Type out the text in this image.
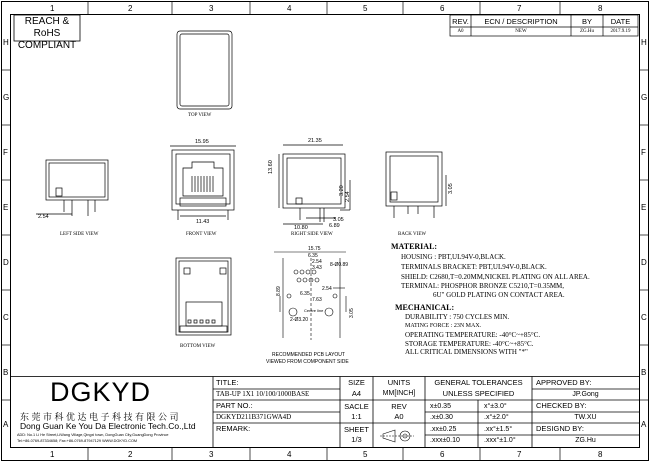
1	2	3	4	5	6	7	8
1	2	3	4	5	6	7	8
H
G
F
E
D
C
B
A
H
G
F
E
D
C
B
A
REACH & RoHS
COMPLIANT
REV.	ECN / DESCRIPTION	BY	DATE
A0	NEW	ZG.Hu	2017.9.19
TOP VIEW
LEFT SIDE VIEW	FRONT VIEW	RIGHT SIDE VIEW	BACK VIEW
BOTTOM VIEW
RECOMMENDED PCB LAYOUT
VIEWED FROM COMPONENT SIDE
15.95
11.43
2.54
21.35
13.60
10.80
3.05
6.89
3.20
2.54
3.05
15.75
6.35
2.54
3.43
8.89
7.63
6.35
2.54
8-Ø0.89
2-Ø3.20
3.05
Centre line
MATERIAL:
HOUSING : PBT,UL94V-0,BLACK.
TERMINALS BRACKET: PBT,UL94V-0,BLACK.
SHIELD: C2680,T=0.20MM,NICKEL PLATING ON ALL AREA.
TERMINAL: PHOSPHOR BRONZE C5210,T=0.35MM,
6U" GOLD PLATING ON CONTACT AREA.
MECHANICAL:
DURABILITY : 750 CYCLES MIN.
MATING FORCE : 23N MAX.
OPERATING TEMPERATURE: -40°C~+85°C.
STORAGE TEMPERATURE: -40°C~+85°C.
ALL CRITICAL DIMENSIONS WITH "*"
DGKYD
东 莞 市 科 优 达 电 子 科 技 有 限 公 司
Dong Guan Ke You Da Electronic Tech.Co.,Ltd
ADD: No.1 Li He Street,LiWang Village,Qingxi town, DongGuan City,GuangDong Province
Tel:+86-0769-87334658; Fax:+86-0769-87947129 WWW.DGKYD.COM
TITLE:
TAB-UP 1X1 10/100/1000BASE
PART NO.:
DGKYD211B371GWA4D
REMARK:
SIZE
A4
SACLE
1:1
SHEET
1/3
UNITS
MM[INCH]
REV
A0
GENERAL TOLERANCES
UNLESS SPECIFIED
x±0.35	x°±3.0°
.x±0.30	.x°±2.0°
.xx±0.25	.xx°±1.5°
.xxx±0.10	.xxx°±1.0°
APPROVED BY:
JP.Gong
CHECKED BY:
TW.XU
DESIGND BY:
ZG.Hu
